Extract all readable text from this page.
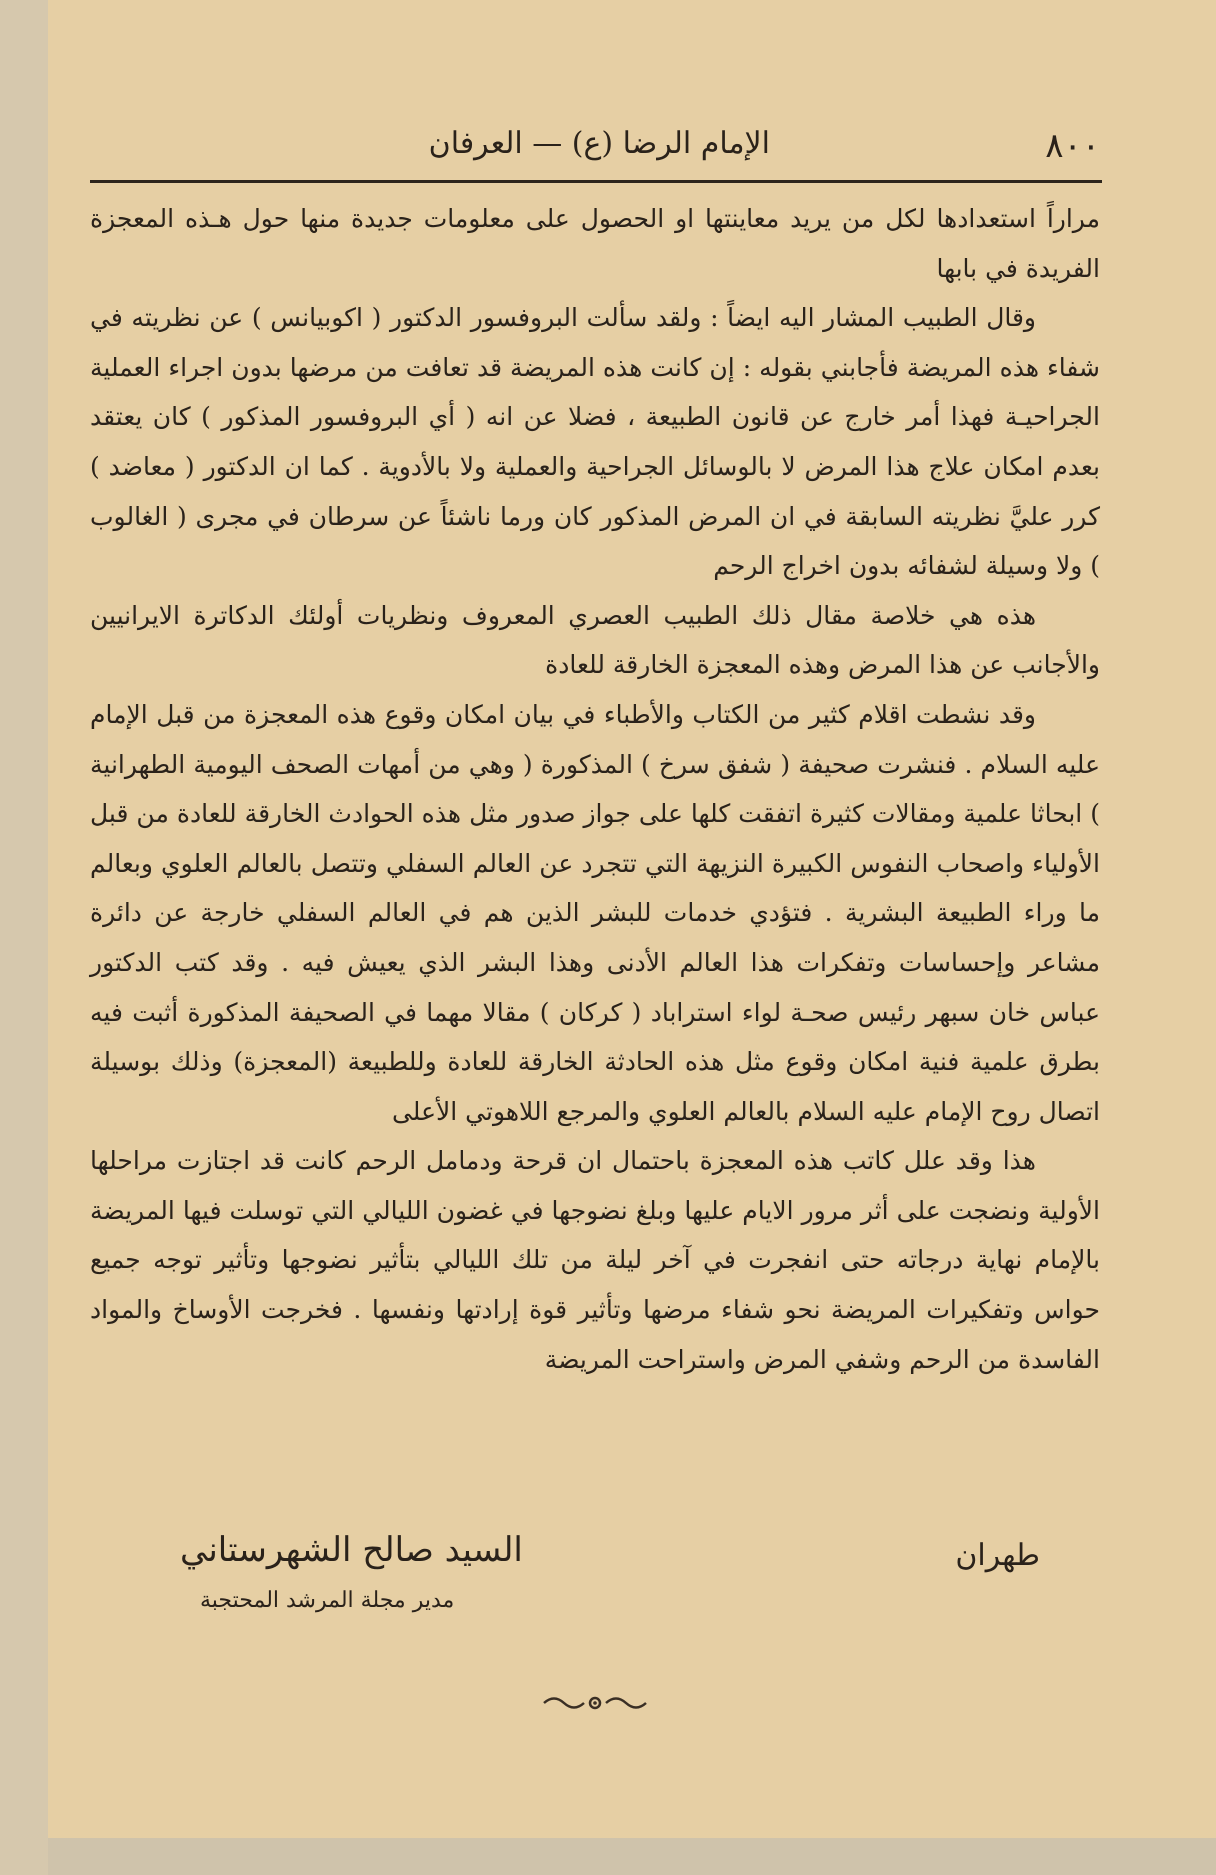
٨٠٠
الإمام الرضا (ع) — العرفان

مراراً استعدادها لكل من يريد معاينتها او الحصول على معلومات جديدة منها حول هـذه المعجزة الفريدة في بابها

وقال الطبيب المشار اليه ايضاً : ولقد سألت البروفسور الدكتور ( اكوبيانس ) عن نظريته في شفاء هذه المريضة فأجابني بقوله : إن كانت هذه المريضة قد تعافت من مرضها بدون اجراء العملية الجراحيـة فهذا أمر خارج عن قانون الطبيعة ، فضلا عن انه ( أي البروفسور المذكور ) كان يعتقد بعدم امكان علاج هذا المرض لا بالوسائل الجراحية والعملية ولا بالأدوية . كما ان الدكتور ( معاضد ) كرر عليَّ نظريته السابقة في ان المرض المذكور كان ورما ناشئاً عن سرطان في مجرى ( الغالوب ) ولا وسيلة لشفائه بدون اخراج الرحم

هذه هي خلاصة مقال ذلك الطبيب العصري المعروف ونظريات أولئك الدكاترة الايرانيين والأجانب عن هذا المرض وهذه المعجزة الخارقة للعادة

وقد نشطت اقلام كثير من الكتاب والأطباء في بيان امكان وقوع هذه المعجزة من قبل الإمام عليه السلام . فنشرت صحيفة ( شفق سرخ ) المذكورة ( وهي من أمهات الصحف اليومية الطهرانية ) ابحاثا علمية ومقالات كثيرة اتفقت كلها على جواز صدور مثل هذه الحوادث الخارقة للعادة من قبل الأولياء واصحاب النفوس الكبيرة النزيهة التي تتجرد عن العالم السفلي وتتصل بالعالم العلوي وبعالم ما وراء الطبيعة البشرية . فتؤدي خدمات للبشر الذين هم في العالم السفلي خارجة عن دائرة مشاعر وإحساسات وتفكرات هذا العالم الأدنى وهذا البشر الذي يعيش فيه . وقد كتب الدكتور عباس خان سبهر رئيس صحـة لواء استراباد ( كركان ) مقالا مهما في الصحيفة المذكورة أثبت فيه بطرق علمية فنية امكان وقوع مثل هذه الحادثة الخارقة للعادة وللطبيعة (المعجزة) وذلك بوسيلة اتصال روح الإمام عليه السلام بالعالم العلوي والمرجع اللاهوتي الأعلى

هذا وقد علل كاتب هذه المعجزة باحتمال ان قرحة ودمامل الرحم كانت قد اجتازت مراحلها الأولية ونضجت على أثر مرور الايام عليها وبلغ نضوجها في غضون الليالي التي توسلت فيها المريضة بالإمام نهاية درجاته حتى انفجرت في آخر ليلة من تلك الليالي بتأثير نضوجها وتأثير توجه جميع حواس وتفكيرات المريضة نحو شفاء مرضها وتأثير قوة إرادتها ونفسها . فخرجت الأوساخ والمواد الفاسدة من الرحم وشفي المرض واستراحت المريضة

طهران
السيد صالح الشهرستاني
مدير مجلة المرشد المحتجبة
